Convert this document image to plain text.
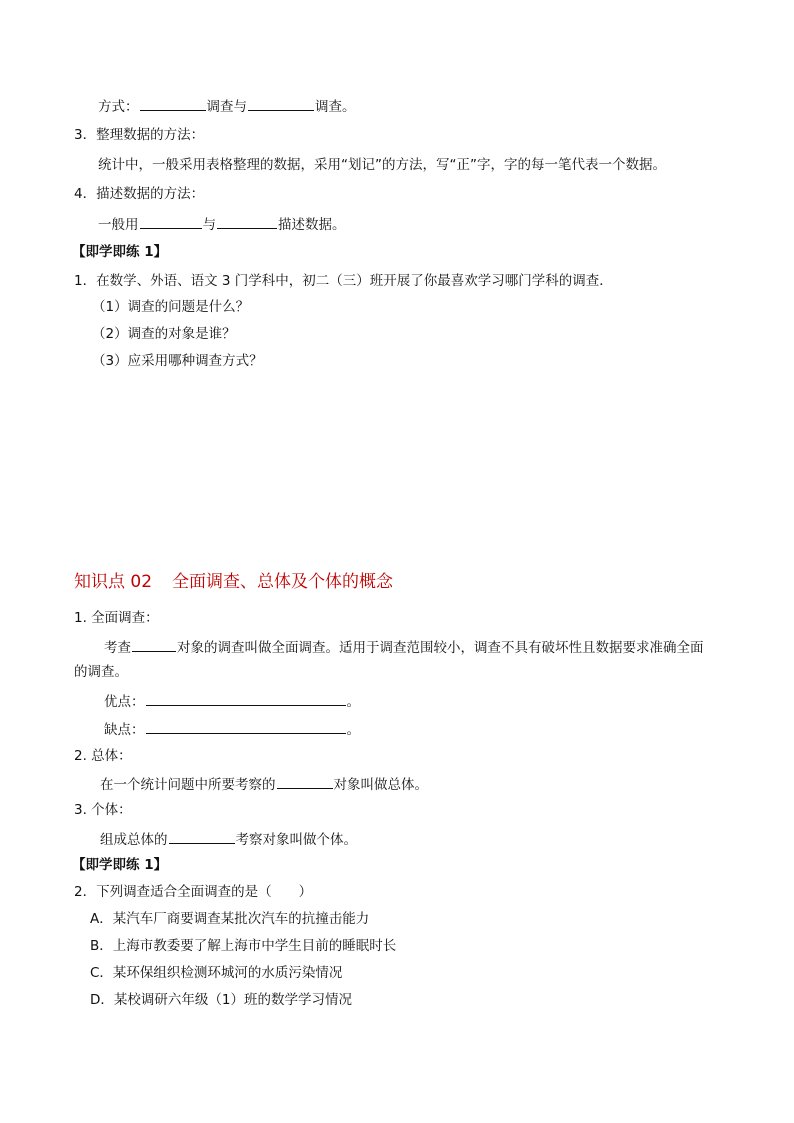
方式：	调查与	调查。
3．整理数据的方法：
统计中，一般采用表格整理的数据，采用“划记”的方法，写“正”字，字的每一笔代表一个数据。
4．描述数据的方法：
一般用	与	描述数据。
【即学即练 1】
1．在数学、外语、语文 3 门学科中，初二（三）班开展了你最喜欢学习哪门学科的调查．
（1）调查的问题是什么？
（2）调查的对象是谁？
（3）应采用哪种调查方式？
知识点 02 全面调查、总体及个体的概念
1. 全面调查：
考查	对象的调查叫做全面调查。适用于调查范围较小，调查不具有破坏性且数据要求准确全面
的调查。
优点：	。
缺点：	。
2. 总体：
在一个统计问题中所要考察的	对象叫做总体。
3. 个体：
组成总体的	考察对象叫做个体。
【即学即练 1】
2．下列调查适合全面调查的是（　　）
A．某汽车厂商要调查某批次汽车的抗撞击能力
B．上海市教委要了解上海市中学生目前的睡眠时长
C．某环保组织检测环城河的水质污染情况
D．某校调研六年级（1）班的数学学习情况
